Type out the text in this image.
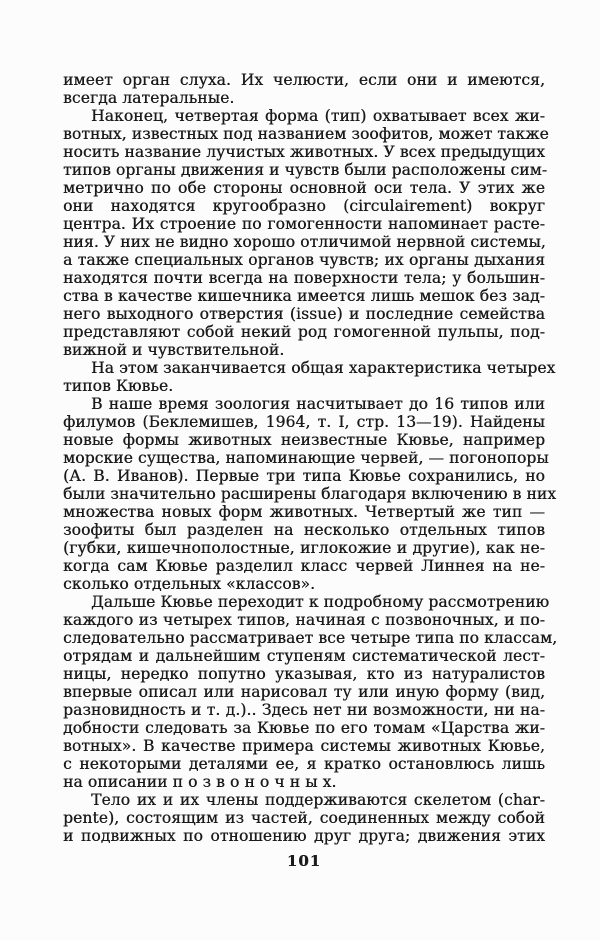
имеет орган слуха. Их челюсти, если они и имеются,
всегда латеральные.
Наконец, четвертая форма (тип) охватывает всех жи-
вотных, известных под названием зоофитов, может также
носить название лучистых животных. У всех предыдущих
типов органы движения и чувств были расположены сим-
метрично по обе стороны основной оси тела. У этих же
они находятся кругообразно (circulairement) вокруг
центра. Их строение по гомогенности напоминает расте-
ния. У них не видно хорошо отличимой нервной системы,
а также специальных органов чувств; их органы дыхания
находятся почти всегда на поверхности тела; у большин-
ства в качестве кишечника имеется лишь мешок без зад-
него выходного отверстия (issue) и последние семейства
представляют собой некий род гомогенной пульпы, под-
вижной и чувствительной.
На этом заканчивается общая характеристика четырех
типов Кювье.
В наше время зоология насчитывает до 16 типов или
филумов (Беклемишев, 1964, т. I, стр. 13—19). Найдены
новые формы животных неизвестные Кювье, например
морские существа, напоминающие червей, — погонопоры
(А. В. Иванов). Первые три типа Кювье сохранились, но
были значительно расширены благодаря включению в них
множества новых форм животных. Четвертый же тип —
зоофиты был разделен на несколько отдельных типов
(губки, кишечнополостные, иглокожие и другие), как не-
когда сам Кювье разделил класс червей Линнея на не-
сколько отдельных «классов».
Дальше Кювье переходит к подробному рассмотрению
каждого из четырех типов, начиная с позвоночных, и по-
следовательно рассматривает все четыре типа по классам,
отрядам и дальнейшим ступеням систематической лест-
ницы, нередко попутно указывая, кто из натуралистов
впервые описал или нарисовал ту или иную форму (вид,
разновидность и т. д.).. Здесь нет ни возможности, ни на-
добности следовать за Кювье по его томам «Царства жи-
вотных». В качестве примера системы животных Кювье,
с некоторыми деталями ее, я кратко остановлюсь лишь
на описании п о з в о н о ч н ы х.
Тело их и их члены поддерживаются скелетом (char-
pente), состоящим из частей, соединенных между собой
и подвижных по отношению друг друга; движения этих
101
